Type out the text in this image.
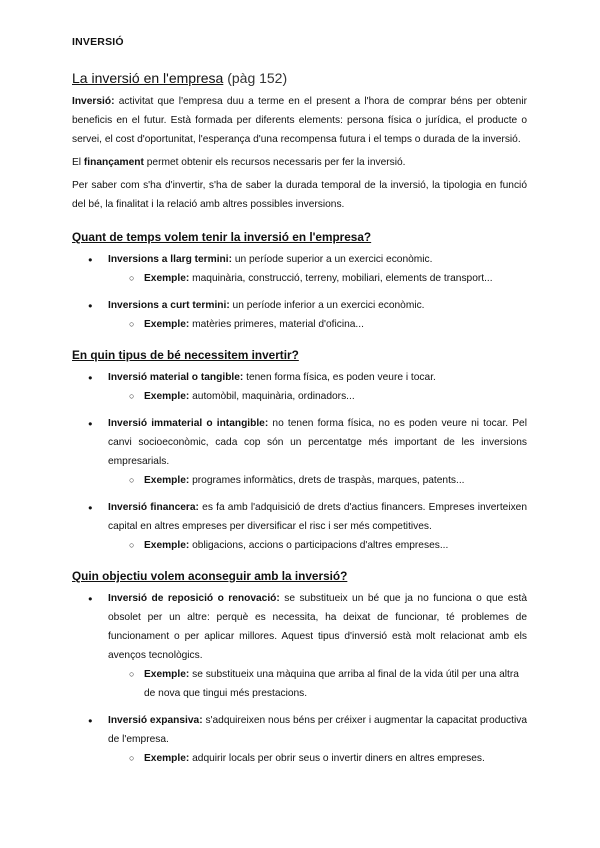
INVERSIÓ
La inversió en l'empresa (pàg 152)

Inversió: activitat que l'empresa duu a terme en el present a l'hora de comprar béns per obtenir beneficis en el futur. Està formada per diferents elements: persona física o jurídica, el producte o servei, el cost d'oportunitat, l'esperança d'una recompensa futura i el temps o durada de la inversió.

El finançament permet obtenir els recursos necessaris per fer la inversió.

Per saber com s'ha d'invertir, s'ha de saber la durada temporal de la inversió, la tipologia en funció del bé, la finalitat i la relació amb altres possibles inversions.

Quant de temps volem tenir la inversió en l'empresa?

● Inversions a llarg termini: un període superior a un exercici econòmic.

○ Exemple: maquinària, construcció, terreny, mobiliari, elements de transport...

● Inversions a curt termini: un període inferior a un exercici econòmic.

○ Exemple: matèries primeres, material d'oficina...

En quin tipus de bé necessitem invertir?

● Inversió material o tangible: tenen forma física, es poden veure i tocar.

○ Exemple: automòbil, maquinària, ordinadors...

● Inversió immaterial o intangible: no tenen forma física, no es poden veure ni tocar. Pel canvi socioeconòmic, cada cop són un percentatge més important de les inversions empresarials.

○ Exemple: programes informàtics, drets de traspàs, marques, patents...

● Inversió financera: es fa amb l'adquisició de drets d'actius financers. Empreses inverteixen capital en altres empreses per diversificar el risc i ser més competitives.

○ Exemple: obligacions, accions o participacions d'altres empreses...

Quin objectiu volem aconseguir amb la inversió?

● Inversió de reposició o renovació: se substitueix un bé que ja no funciona o que està obsolet per un altre: perquè es necessita, ha deixat de funcionar, té problemes de funcionament o per aplicar millores. Aquest tipus d'inversió està molt relacionat amb els avenços tecnològics.

○ Exemple: se substitueix una màquina que arriba al final de la vida útil per una altra de nova que tingui més prestacions.

● Inversió expansiva: s'adquireixen nous béns per créixer i augmentar la capacitat productiva de l'empresa.

○ Exemple: adquirir locals per obrir seus o invertir diners en altres empreses.
